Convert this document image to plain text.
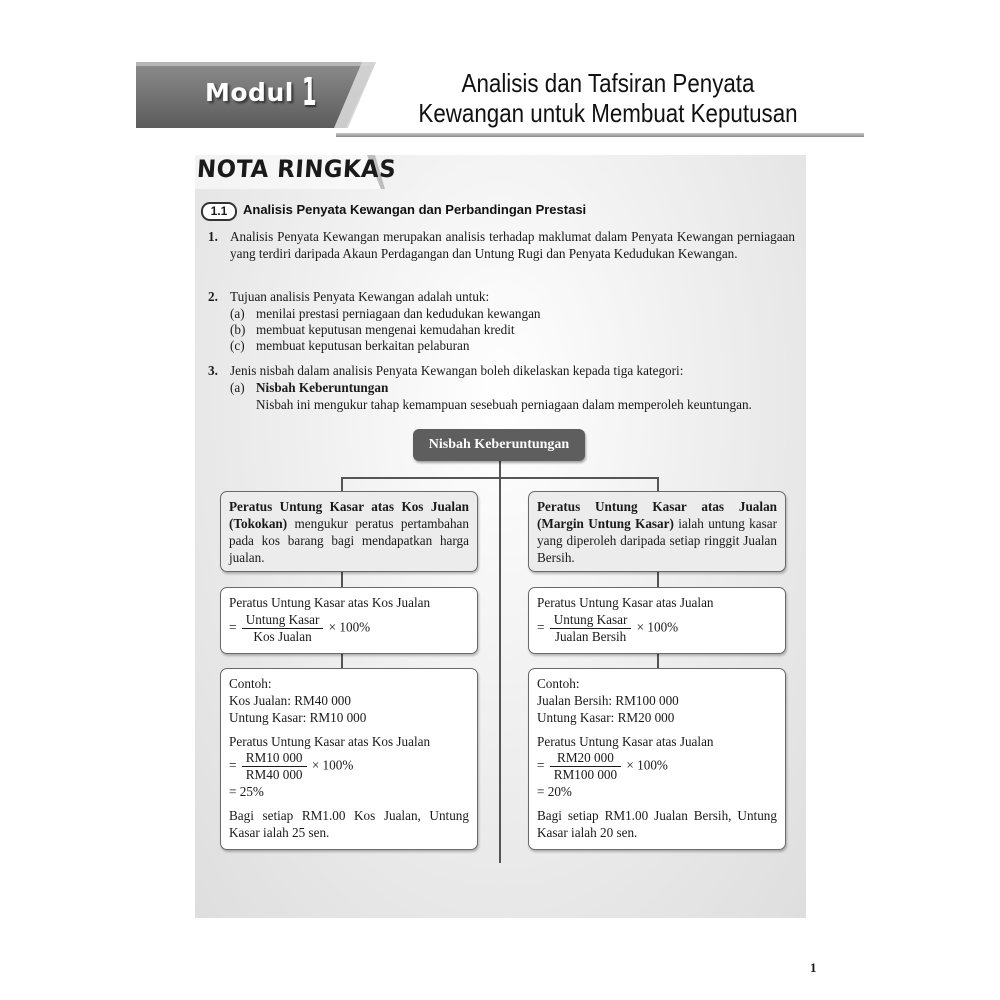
Modul 1	Analisis dan Tafsiran Penyata
Kewangan untuk Membuat Keputusan
NOTA RINGKAS
1.1	Analisis Penyata Kewangan dan Perbandingan Prestasi
1. Analisis Penyata Kewangan merupakan analisis terhadap maklumat dalam Penyata Kewangan perniagaan yang terdiri daripada Akaun Perdagangan dan Untung Rugi dan Penyata Kedudukan Kewangan.
2. Tujuan analisis Penyata Kewangan adalah untuk:
(a) menilai prestasi perniagaan dan kedudukan kewangan
(b) membuat keputusan mengenai kemudahan kredit
(c) membuat keputusan berkaitan pelaburan
3. Jenis nisbah dalam analisis Penyata Kewangan boleh dikelaskan kepada tiga kategori:
(a) Nisbah Keberuntungan
Nisbah ini mengukur tahap kemampuan sesebuah perniagaan dalam memperoleh keuntungan.
Nisbah Keberuntungan
Peratus Untung Kasar atas Kos Jualan (Tokokan) mengukur peratus pertambahan pada kos barang bagi mendapatkan harga jualan.
Peratus Untung Kasar atas Kos Jualan
= $\frac{\text{Untung Kasar}}{\text{Kos Jualan}} \times 100\%$
Contoh:
Kos Jualan: RM40 000
Untung Kasar: RM10 000
Peratus Untung Kasar atas Kos Jualan
= $\frac{RM10 000}{RM40 000} \times 100\%$
= 25%
Bagi setiap RM1.00 Kos Jualan, Untung Kasar ialah 25 sen.
Peratus Untung Kasar atas Jualan (Margin Untung Kasar) ialah untung kasar yang diperoleh daripada setiap ringgit Jualan Bersih.
Peratus Untung Kasar atas Jualan
= $\frac{\text{Untung Kasar}}{\text{Jualan Bersih}} \times 100\%$
Contoh:
Jualan Bersih: RM100 000
Untung Kasar: RM20 000
Peratus Untung Kasar atas Jualan
= $\frac{RM20 000}{RM100 000} \times 100\%$
= 20%
Bagi setiap RM1.00 Jualan Bersih, Untung Kasar ialah 20 sen.
1
